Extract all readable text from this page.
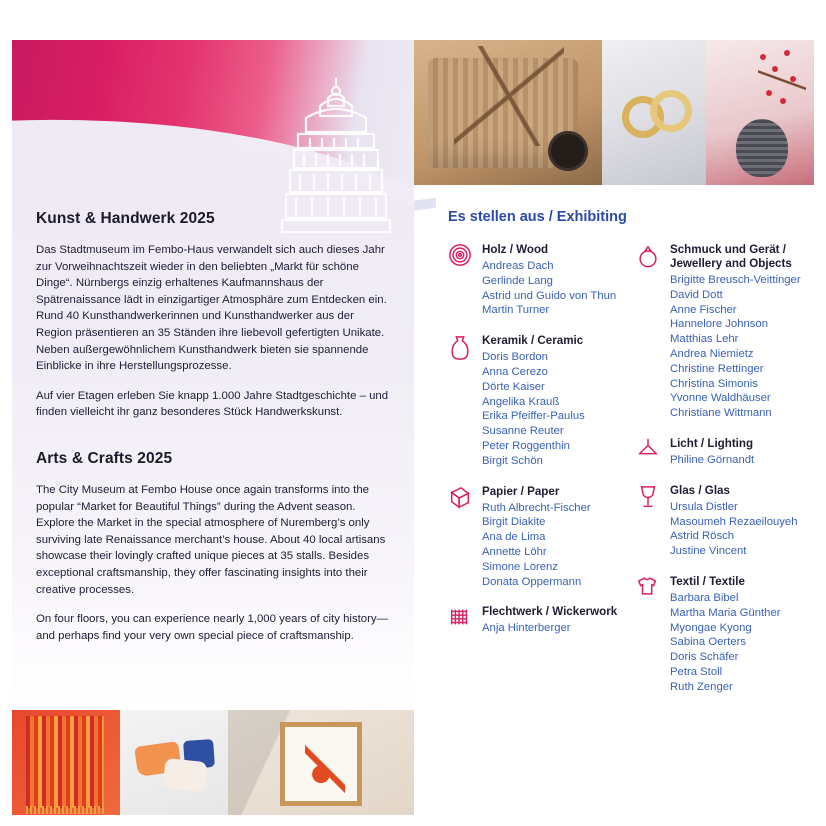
Kunst & Handwerk 2025

Das Stadtmuseum im Fembo-Haus verwandelt sich auch dieses Jahr zur Vorweihnachtszeit wieder in den beliebten „Markt für schöne Dinge“. Nürnbergs einzig erhaltenes Kaufmannshaus der Spätrenaissance lädt in einzigartiger Atmosphäre zum Entdecken ein. Rund 40 Kunsthandwerkerinnen und Kunsthandwerker aus der Region präsentieren an 35 Ständen ihre liebevoll gefertigten Unikate. Neben außergewöhnlichem Kunsthandwerk bieten sie spannende Einblicke in ihre Herstellungsprozesse.

Auf vier Etagen erleben Sie knapp 1.000 Jahre Stadtgeschichte – und finden vielleicht ihr ganz besonderes Stück Handwerkskunst.

Arts & Crafts 2025

The City Museum at Fembo House once again transforms into the popular “Market for Beautiful Things” during the Advent season. Explore the Market in the special atmosphere of Nuremberg’s only surviving late Renaissance merchant’s house. About 40 local artisans showcase their lovingly crafted unique pieces at 35 stalls. Besides exceptional craftsmanship, they offer fascinating insights into their creative processes.

On four floors, you can experience nearly 1,000 years of city history—and perhaps find your very own special piece of craftsmanship.

Es stellen aus / Exhibiting
Holz / Wood
Andreas Dach
Gerlinde Lang
Astrid und Guido von Thun
Martin Turner
Keramik / Ceramic
Doris Bordon
Anna Cerezo
Dörte Kaiser
Angelika Krauß
Erika Pfeiffer-Paulus
Susanne Reuter
Peter Roggenthin
Birgit Schön
Papier / Paper
Ruth Albrecht-Fischer
Birgit Diakite
Ana de Lima
Annette Löhr
Simone Lorenz
Donata Oppermann
Flechtwerk / Wickerwork
Anja Hinterberger
Schmuck und Gerät / Jewellery and Objects
Brigitte Breusch-Veittinger
David Dott
Anne Fischer
Hannelore Johnson
Matthias Lehr
Andrea Niemietz
Christine Rettinger
Christina Simonis
Yvonne Waldhäuser
Christiane Wittmann
Licht / Lighting
Philine Görnandt
Glas / Glas
Ursula Distler
Masoumeh Rezaeilouyeh
Astrid Rösch
Justine Vincent
Textil / Textile
Barbara Bibel
Martha Maria Günther
Myongae Kyong
Sabina Oerters
Doris Schäfer
Petra Stoll
Ruth Zenger
